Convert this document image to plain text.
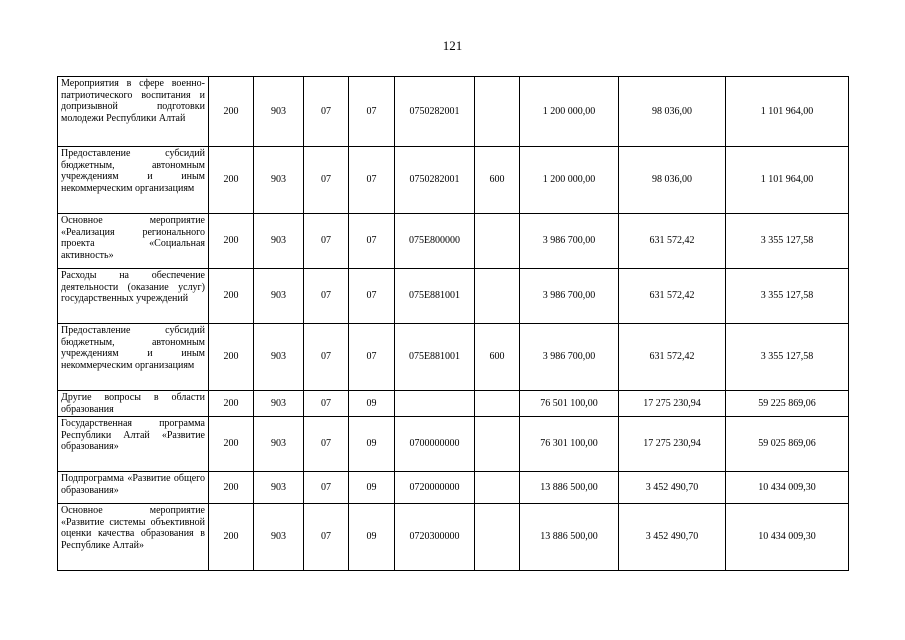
121
Мероприятия в сфере военно-патриотического воспитания и допризывной подготовки молодежи Республики Алтай	200	903	07	07	0750282001		1 200 000,00	98 036,00	1 101 964,00
Предоставление субсидий бюджетным, автономным учреждениям и иным некоммерческим организациям	200	903	07	07	0750282001	600	1 200 000,00	98 036,00	1 101 964,00
Основное мероприятие «Реализация регионального проекта «Социальная активность»	200	903	07	07	075E800000		3 986 700,00	631 572,42	3 355 127,58
Расходы на обеспечение деятельности (оказание услуг) государственных учреждений	200	903	07	07	075E881001		3 986 700,00	631 572,42	3 355 127,58
Предоставление субсидий бюджетным, автономным учреждениям и иным некоммерческим организациям	200	903	07	07	075E881001	600	3 986 700,00	631 572,42	3 355 127,58
Другие вопросы в области образования	200	903	07	09			76 501 100,00	17 275 230,94	59 225 869,06
Государственная программа Республики Алтай «Развитие образования»	200	903	07	09	0700000000		76 301 100,00	17 275 230,94	59 025 869,06
Подпрограмма «Развитие общего образования»	200	903	07	09	0720000000		13 886 500,00	3 452 490,70	10 434 009,30
Основное мероприятие «Развитие системы объективной оценки качества образования в Республике Алтай»	200	903	07	09	0720300000		13 886 500,00	3 452 490,70	10 434 009,30
